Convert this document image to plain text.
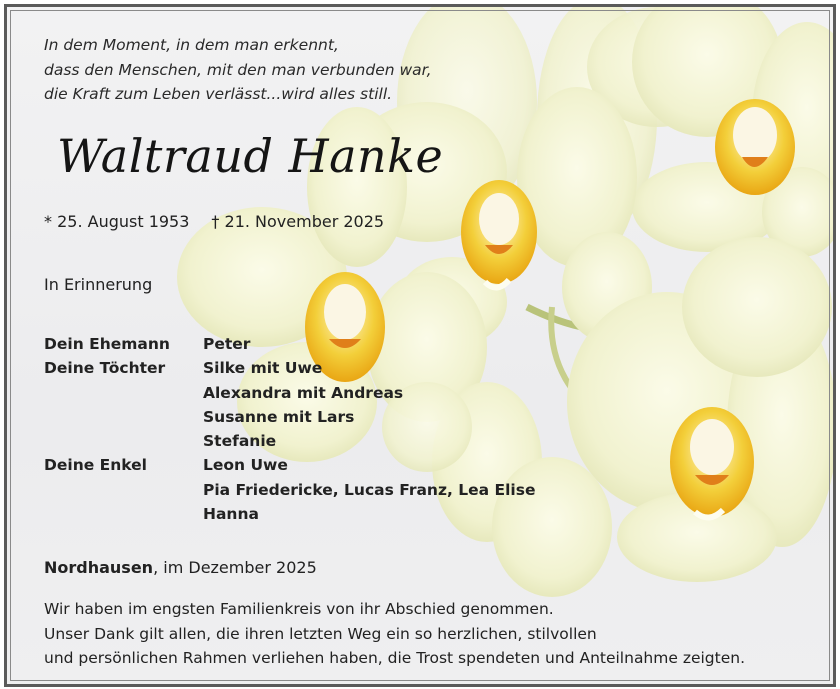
In dem Moment, in dem man erkennt,
dass den Menschen, mit den man verbunden war,
die Kraft zum Leben verlässt...wird alles still.
Waltraud Hanke
* 25. August 1953 † 21. November 2025
In Erinnerung
Dein Ehemann	Peter
Deine Töchter	Silke mit Uwe
Alexandra mit Andreas
Susanne mit Lars
Stefanie
Deine Enkel	Leon Uwe
Pia Friedericke, Lucas Franz, Lea Elise
Hanna
Nordhausen, im Dezember 2025
Wir haben im engsten Familienkreis von ihr Abschied genommen.
Unser Dank gilt allen, die ihren letzten Weg ein so herzlichen, stilvollen
und persönlichen Rahmen verliehen haben, die Trost spendeten und Anteilnahme zeigten.
